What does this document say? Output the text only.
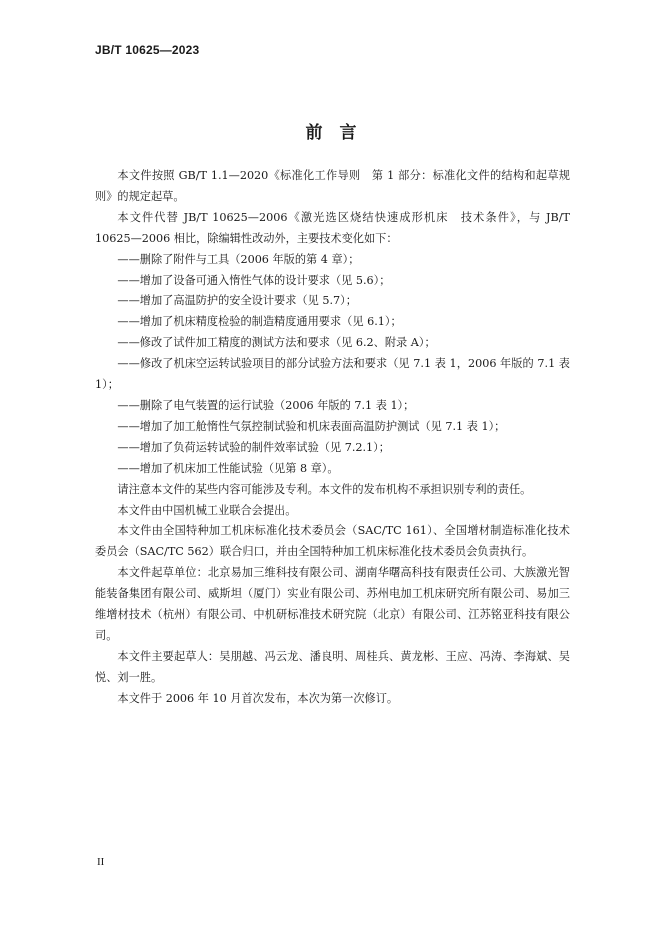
JB/T 10625—2023
前　言

本文件按照 GB/T 1.1—2020《标准化工作导则　第 1 部分：标准化文件的结构和起草规则》的规定起草。

本文件代替 JB/T 10625—2006《激光选区烧结快速成形机床　技术条件》，与 JB/T 10625—2006 相比，除编辑性改动外，主要技术变化如下：

——删除了附件与工具（2006 年版的第 4 章）；

——增加了设备可通入惰性气体的设计要求（见 5.6）；

——增加了高温防护的安全设计要求（见 5.7）；

——增加了机床精度检验的制造精度通用要求（见 6.1）；

——修改了试件加工精度的测试方法和要求（见 6.2、附录 A）；

——修改了机床空运转试验项目的部分试验方法和要求（见 7.1 表 1，2006 年版的 7.1 表 1）；

——删除了电气装置的运行试验（2006 年版的 7.1 表 1）；

——增加了加工舱惰性气氛控制试验和机床表面高温防护测试（见 7.1 表 1）；

——增加了负荷运转试验的制件效率试验（见 7.2.1）；

——增加了机床加工性能试验（见第 8 章）。

请注意本文件的某些内容可能涉及专利。本文件的发布机构不承担识别专利的责任。

本文件由中国机械工业联合会提出。

本文件由全国特种加工机床标准化技术委员会（SAC/TC 161）、全国增材制造标准化技术委员会（SAC/TC 562）联合归口，并由全国特种加工机床标准化技术委员会负责执行。

本文件起草单位：北京易加三维科技有限公司、湖南华曙高科技有限责任公司、大族激光智能装备集团有限公司、威斯坦（厦门）实业有限公司、苏州电加工机床研究所有限公司、易加三维增材技术（杭州）有限公司、中机研标准技术研究院（北京）有限公司、江苏铭亚科技有限公司。

本文件主要起草人：吴朋越、冯云龙、潘良明、周桂兵、黄龙彬、王应、冯涛、李海斌、吴悦、刘一胜。

本文件于 2006 年 10 月首次发布，本次为第一次修订。

II
